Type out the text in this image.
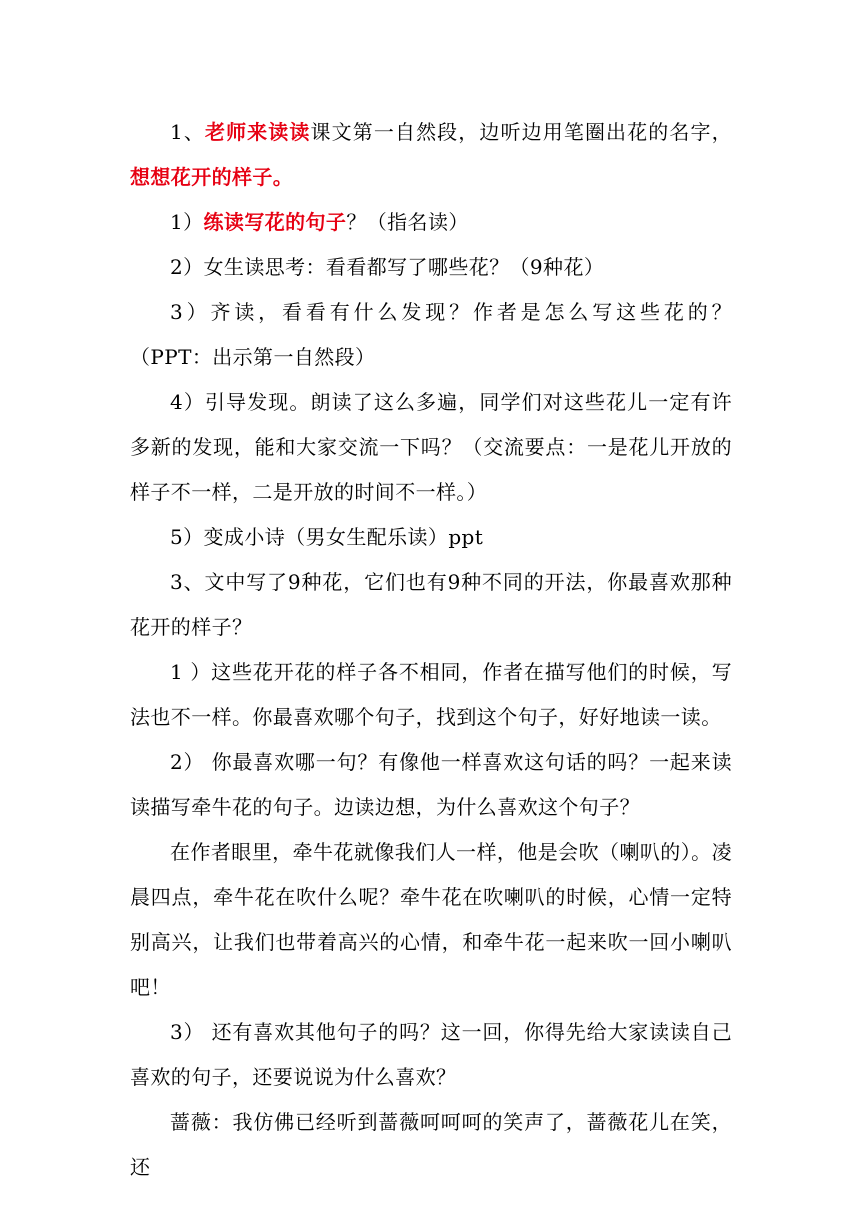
1、老师来读读课文第一自然段，边听边用笔圈出花的名字，想想花开的样子。

1）练读写花的句子？（指名读）

2）女生读思考：看看都写了哪些花？（9种花）

3）齐读，看看有什么发现？作者是怎么写这些花的？（PPT：出示第一自然段）

4）引导发现。朗读了这么多遍，同学们对这些花儿一定有许多新的发现，能和大家交流一下吗？（交流要点：一是花儿开放的样子不一样，二是开放的时间不一样。）

5）变成小诗（男女生配乐读）ppt

3、文中写了9种花，它们也有9种不同的开法，你最喜欢那种花开的样子？

1 ）这些花开花的样子各不相同，作者在描写他们的时候，写法也不一样。你最喜欢哪个句子，找到这个句子，好好地读一读。

2） 你最喜欢哪一句？有像他一样喜欢这句话的吗？一起来读读描写牵牛花的句子。边读边想，为什么喜欢这个句子？

在作者眼里，牵牛花就像我们人一样，他是会吹（喇叭的）。凌晨四点，牵牛花在吹什么呢？牵牛花在吹喇叭的时候，心情一定特别高兴，让我们也带着高兴的心情，和牵牛花一起来吹一回小喇叭吧！

3） 还有喜欢其他句子的吗？这一回，你得先给大家读读自己喜欢的句子，还要说说为什么喜欢？

蔷薇：我仿佛已经听到蔷薇呵呵呵的笑声了，蔷薇花儿在笑，还
